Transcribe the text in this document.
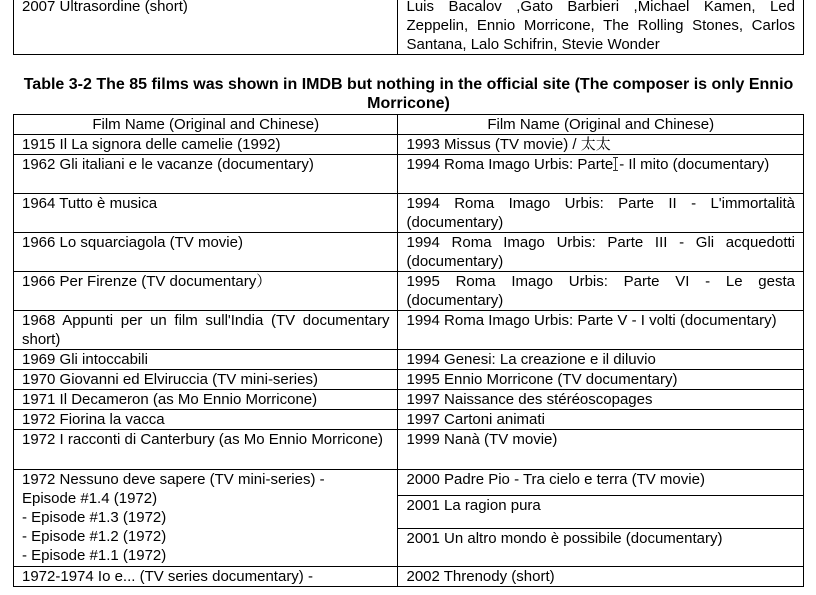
2007 Ultrasordine (short)	Luis Bacalov ,Gato Barbieri ,Michael Kamen, Led Zeppelin, Ennio Morricone, The Rolling Stones, Carlos Santana, Lalo Schifrin, Stevie Wonder

Table 3-2 The 85 films was shown in IMDB but nothing in the official site (The composer is only Ennio Morricone)

Film Name (Original and Chinese)	Film Name (Original and Chinese)
1915 Il La signora delle camelie (1992)	1993 Missus (TV movie) / 太太
1962 Gli italiani e le vacanze (documentary)	1994 Roma Imago Urbis: Parte - Il mito (documentary)
1964 Tutto è musica	1994 Roma Imago Urbis: Parte II - L'immortalità (documentary)
1966 Lo squarciagola (TV movie)	1994 Roma Imago Urbis: Parte III - Gli acquedotti (documentary)
1966 Per Firenze (TV documentary）	1995 Roma Imago Urbis: Parte VI - Le gesta (documentary)
1968 Appunti per un film sull'India (TV documentary short)	1994 Roma Imago Urbis: Parte V - I volti (documentary)
1969 Gli intoccabili	1994 Genesi: La creazione e il diluvio
1970 Giovanni ed Elviruccia (TV mini-series)	1995 Ennio Morricone (TV documentary)
1971 Il Decameron (as Mo Ennio Morricone)	1997 Naissance des stéréoscopages
1972 Fiorina la vacca	1997 Cartoni animati
1972 I racconti di Canterbury (as Mo Ennio Morricone)	1999 Nanà (TV movie)

1972 Nessuno deve sapere (TV mini-series) -
Episode #1.4 (1972)
- Episode #1.3 (1972)
- Episode #1.2 (1972)
- Episode #1.1 (1972)	2000 Padre Pio - Tra cielo e terra (TV movie)
	2001 La ragion pura
	2001 Un altro mondo è possibile (documentary)
1972-1974 Io e... (TV series documentary) -	2002 Threnody (short)
